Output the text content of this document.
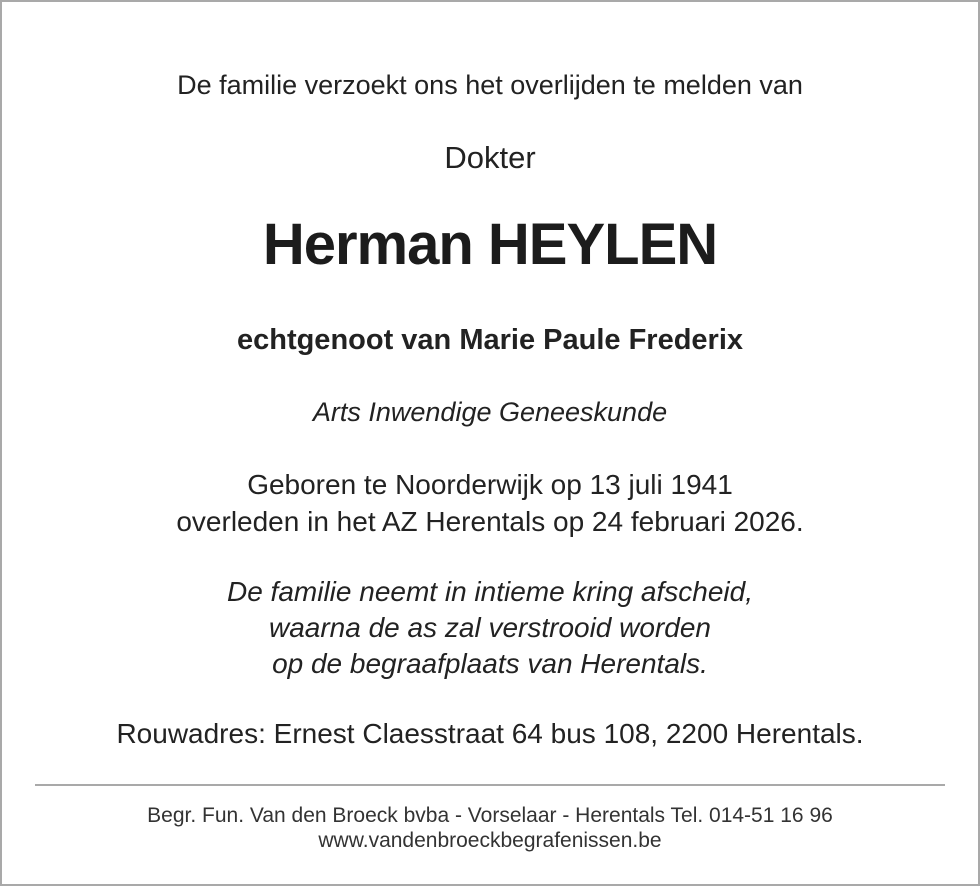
De familie verzoekt ons het overlijden te melden van
Dokter
Herman HEYLEN
echtgenoot van Marie Paule Frederix
Arts Inwendige Geneeskunde
Geboren te Noorderwijk op 13 juli 1941
overleden in het AZ Herentals op 24 februari 2026.
De familie neemt in intieme kring afscheid,
waarna de as zal verstrooid worden
op de begraafplaats van Herentals.
Rouwadres: Ernest Claesstraat 64 bus 108, 2200 Herentals.
Begr. Fun. Van den Broeck bvba - Vorselaar - Herentals Tel. 014-51 16 96
www.vandenbroeckbegrafenissen.be
